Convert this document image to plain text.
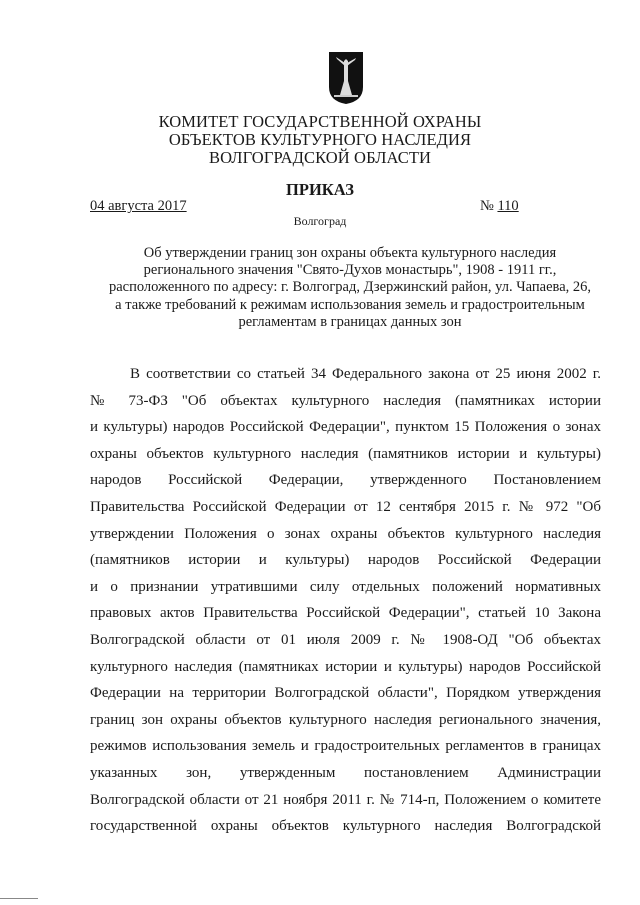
КОМИТЕТ ГОСУДАРСТВЕННОЙ ОХРАНЫ
ОБЪЕКТОВ КУЛЬТУРНОГО НАСЛЕДИЯ
ВОЛГОГРАДСКОЙ ОБЛАСТИ
ПРИКАЗ
04 августа 2017	№ 110
Волгоград
Об утверждении границ зон охраны объекта культурного наследия
регионального значения "Свято-Духов монастырь", 1908 - 1911 гг.,
расположенного по адресу: г. Волгоград, Дзержинский район, ул. Чапаева, 26,
а также требований к режимам использования земель и градостроительным
регламентам в границах данных зон
В соответствии со статьей 34 Федерального закона от 25 июня 2002 г.
№ 73-ФЗ "Об объектах культурного наследия (памятниках истории
и культуры) народов Российской Федерации", пунктом 15 Положения о зонах
охраны объектов культурного наследия (памятников истории и культуры)
народов Российской Федерации, утвержденного Постановлением
Правительства Российской Федерации от 12 сентября 2015 г. № 972 "Об
утверждении Положения о зонах охраны объектов культурного наследия
(памятников истории и культуры) народов Российской Федерации
и о признании утратившими силу отдельных положений нормативных
правовых актов Правительства Российской Федерации", статьей 10 Закона
Волгоградской области от 01 июля 2009 г. № 1908-ОД "Об объектах
культурного наследия (памятниках истории и культуры) народов Российской
Федерации на территории Волгоградской области", Порядком утверждения
границ зон охраны объектов культурного наследия регионального значения,
режимов использования земель и градостроительных регламентов в границах
указанных зон, утвержденным постановлением Администрации
Волгоградской области от 21 ноября 2011 г. № 714-п, Положением о комитете
государственной охраны объектов культурного наследия Волгоградской
